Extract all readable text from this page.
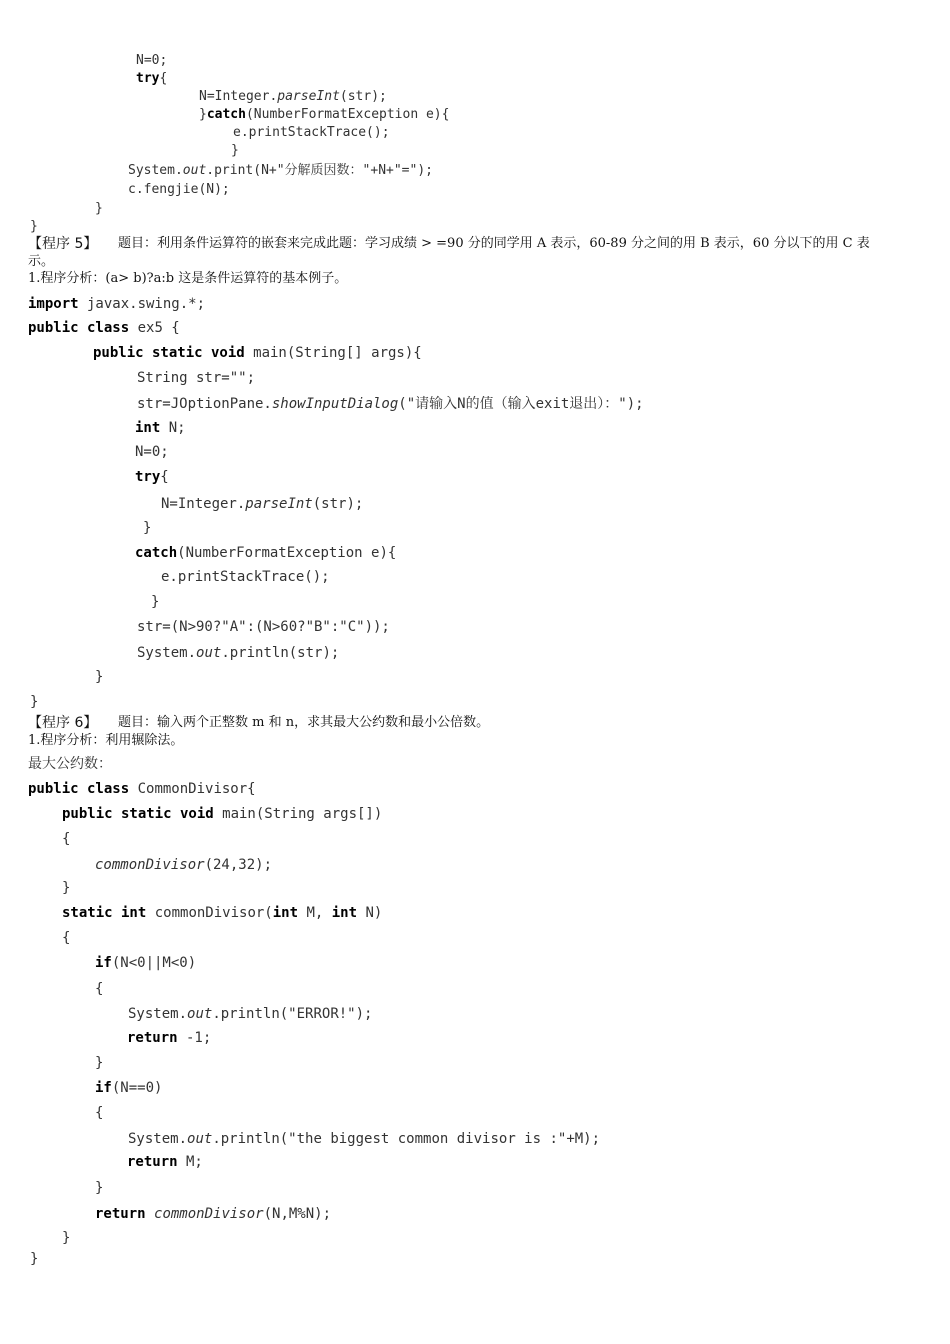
N=0;
try{
N=Integer.parseInt(str);
}catch(NumberFormatException e){
e.printStackTrace();
}
System.out.print(N+"分解质因数："+N+"=");
c.fengjie(N);
}
}
【程序 5】 题目：利用条件运算符的嵌套来完成此题：学习成绩 > =90 分的同学用 A 表示，60-89 分之间的用 B 表示，60 分以下的用 C 表
示。
1.程序分析：(a> b)?a:b 这是条件运算符的基本例子。
import javax.swing.*;
public class ex5 {
public static void main(String[] args){
String str="";
str=JOptionPane.showInputDialog("请输入N的值（输入exit退出）：");
int N;
N=0;
try{
N=Integer.parseInt(str);
}
catch(NumberFormatException e){
e.printStackTrace();
}
str=(N>90?"A":(N>60?"B":"C"));
System.out.println(str);
}
}
【程序 6】 题目：输入两个正整数 m 和 n，求其最大公约数和最小公倍数。
1.程序分析：利用辗除法。
最大公约数：
public class CommonDivisor{
public static void main(String args[])
{
commonDivisor(24,32);
}
static int commonDivisor(int M, int N)
{
if(N<0||M<0)
{
System.out.println("ERROR!");
return -1;
}
if(N==0)
{
System.out.println("the biggest common divisor is :"+M);
return M;
}
return commonDivisor(N,M%N);
}
}
